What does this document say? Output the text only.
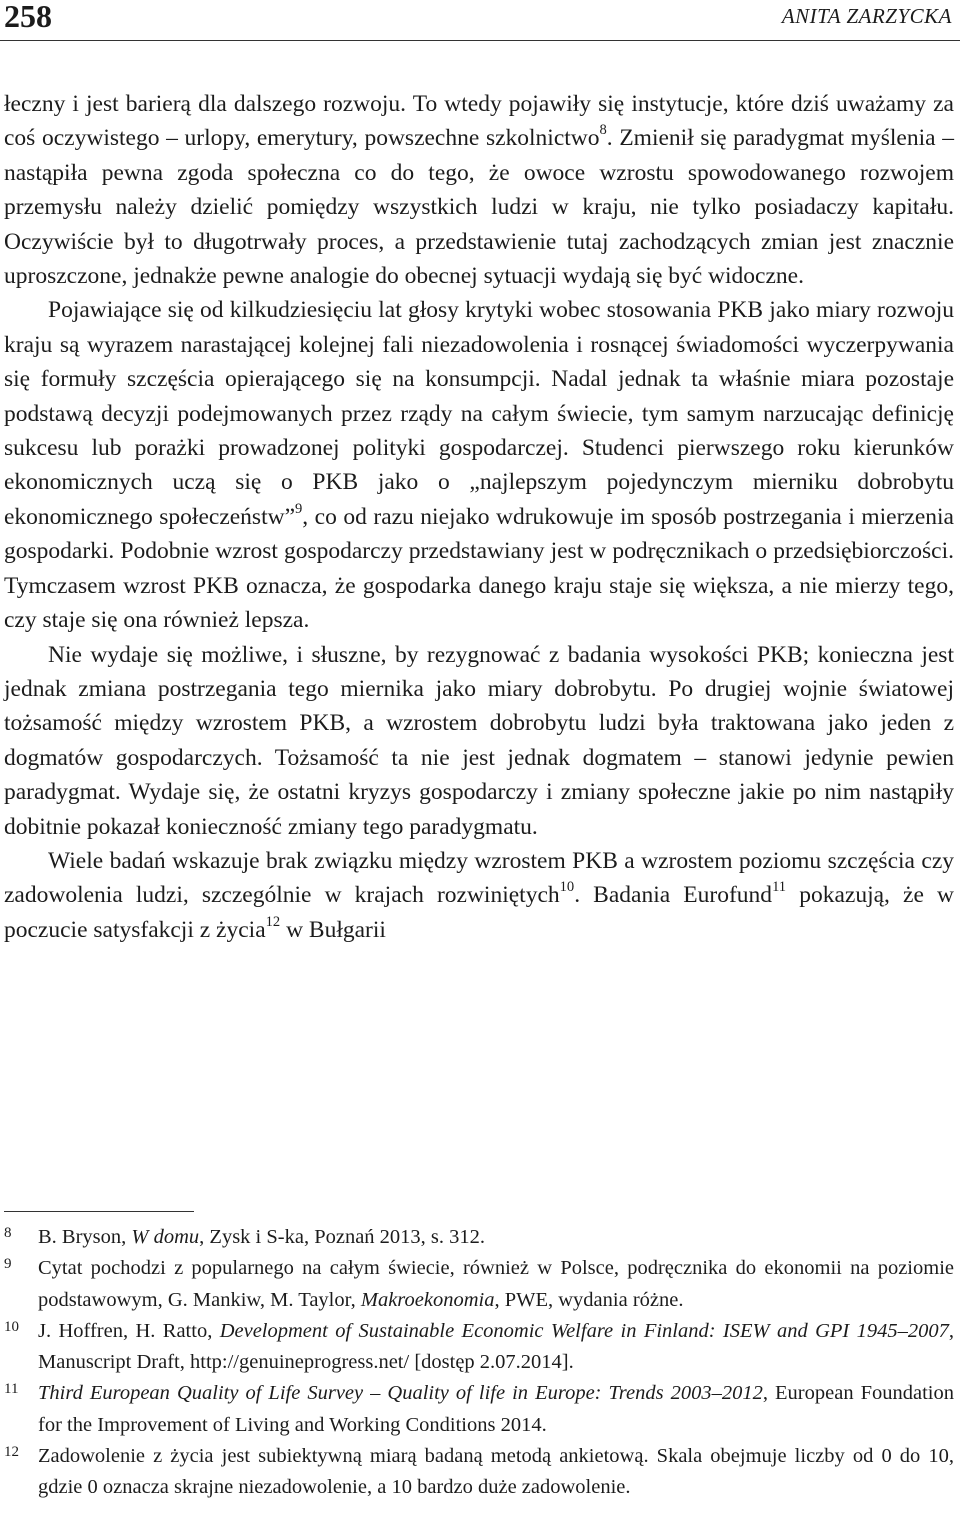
258	ANITA ZARZYCKA

łeczny i jest barierą dla dalszego rozwoju. To wtedy pojawiły się instytucje, które dziś uważamy za coś oczywistego – urlopy, emerytury, powszechne szkolnictwo$^8$. Zmienił się paradygmat myślenia – nastąpiła pewna zgoda społeczna co do tego, że owoce wzrostu spowodowanego rozwojem przemysłu należy dzielić pomiędzy wszystkich ludzi w kraju, nie tylko posiadaczy kapitału. Oczywiście był to długotrwały proces, a przedstawienie tutaj zachodzących zmian jest znacznie uproszczone, jednakże pewne analogie do obecnej sytuacji wydają się być widoczne.

Pojawiające się od kilkudziesięciu lat głosy krytyki wobec stosowania PKB jako miary rozwoju kraju są wyrazem narastającej kolejnej fali niezadowolenia i rosnącej świadomości wyczerpywania się formuły szczęścia opierającego się na konsumpcji. Nadal jednak ta właśnie miara pozostaje podstawą decyzji podejmowanych przez rządy na całym świecie, tym samym narzucając definicję sukcesu lub porażki prowadzonej polityki gospodarczej. Studenci pierwszego roku kierunków ekonomicznych uczą się o PKB jako o „najlepszym pojedynczym mierniku dobrobytu ekonomicznego społeczeństw”$^9$, co od razu niejako wdrukowuje im sposób postrzegania i mierzenia gospodarki. Podobnie wzrost gospodarczy przedstawiany jest w podręcznikach o przedsiębiorczości. Tymczasem wzrost PKB oznacza, że gospodarka danego kraju staje się większa, a nie mierzy tego, czy staje się ona również lepsza.

Nie wydaje się możliwe, i słuszne, by rezygnować z badania wysokości PKB; konieczna jest jednak zmiana postrzegania tego miernika jako miary dobrobytu. Po drugiej wojnie światowej tożsamość między wzrostem PKB, a wzrostem dobrobytu ludzi była traktowana jako jeden z dogmatów gospodarczych. Tożsamość ta nie jest jednak dogmatem – stanowi jedynie pewien paradygmat. Wydaje się, że ostatni kryzys gospodarczy i zmiany społeczne jakie po nim nastąpiły dobitnie pokazał konieczność zmiany tego paradygmatu.

Wiele badań wskazuje brak związku między wzrostem PKB a wzrostem poziomu szczęścia czy zadowolenia ludzi, szczególnie w krajach rozwiniętych$^{10}$. Badania Eurofund$^{11}$ pokazują, że w poczucie satysfakcji z życia$^{12}$ w Bułgarii

8 B. Bryson, W domu, Zysk i S-ka, Poznań 2013, s. 312.
9 Cytat pochodzi z popularnego na całym świecie, również w Polsce, podręcznika do ekonomii na poziomie podstawowym, G. Mankiw, M. Taylor, Makroekonomia, PWE, wydania różne.
10 J. Hoffren, H. Ratto, Development of Sustainable Economic Welfare in Finland: ISEW and GPI 1945–2007, Manuscript Draft, http://genuineprogress.net/ [dostęp 2.07.2014].
11 Third European Quality of Life Survey – Quality of life in Europe: Trends 2003–2012, European Foundation for the Improvement of Living and Working Conditions 2014.
12 Zadowolenie z życia jest subiektywną miarą badaną metodą ankietową. Skala obejmuje liczby od 0 do 10, gdzie 0 oznacza skrajne niezadowolenie, a 10 bardzo duże zadowolenie.
